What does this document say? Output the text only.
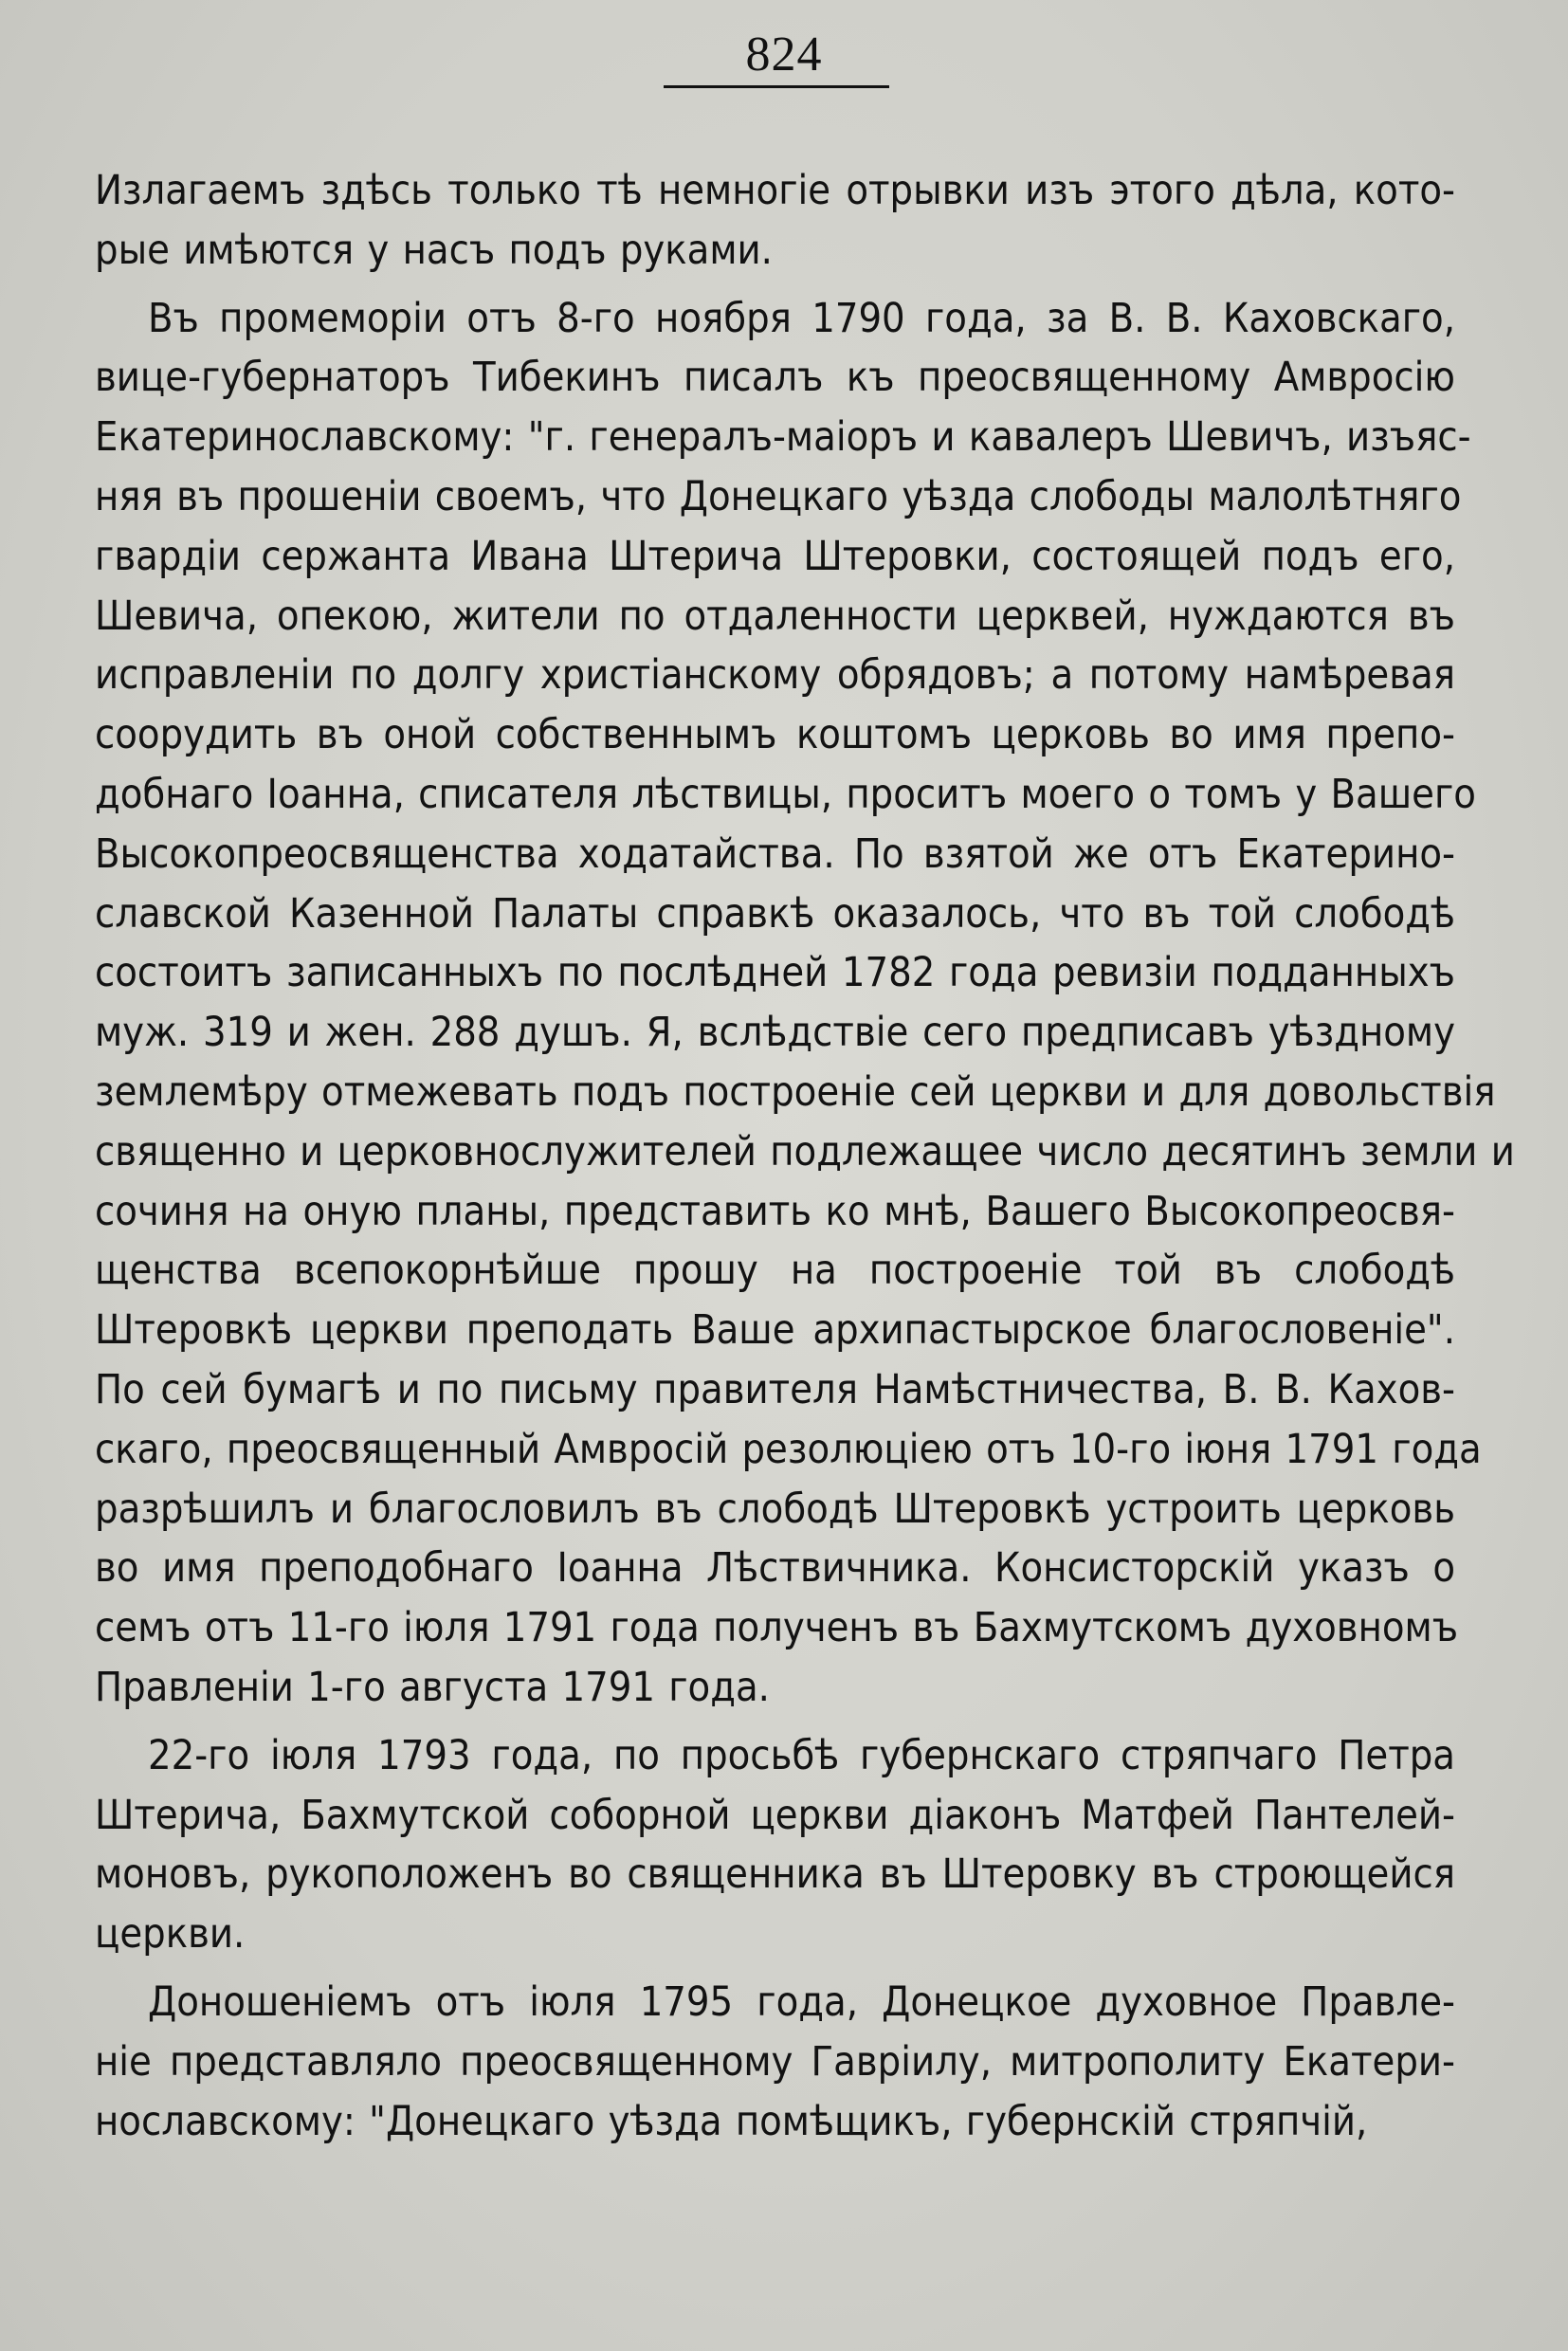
824
Излагаемъ здѣсь только тѣ немногіе отрывки изъ этого дѣла, кото-
рые имѣются у насъ подъ руками.
Въ промеморіи отъ 8-го ноября 1790 года, за В. В. Каховскаго,
вице-губернаторъ Тибекинъ писалъ къ преосвященному Амвросію
Екатеринославскому: "г. генералъ-маіоръ и кавалеръ Шевичъ, изъяс-
няя въ прошеніи своемъ, что Донецкаго уѣзда слободы малолѣтняго
гвардіи сержанта Ивана Штерича Штеровки, состоящей подъ его,
Шевича, опекою, жители по отдаленности церквей, нуждаются въ
исправленіи по долгу христіанскому обрядовъ; а потому намѣревая
соорудить въ оной собственнымъ коштомъ церковь во имя препо-
добнаго Іоанна, списателя лѣствицы, проситъ моего о томъ у Вашего
Высокопреосвященства ходатайства. По взятой же отъ Екатерино-
славской Казенной Палаты справкѣ оказалось, что въ той слободѣ
состоитъ записанныхъ по послѣдней 1782 года ревизіи подданныхъ
муж. 319 и жен. 288 душъ. Я, вслѣдствіе сего предписавъ уѣздному
землемѣру отмежевать подъ построеніе сей церкви и для довольствія
священно и церковнослужителей подлежащее число десятинъ земли и
сочиня на оную планы, представить ко мнѣ, Вашего Высокопреосвя-
щенства всепокорнѣйше прошу на построеніе той въ слободѣ
Штеровкѣ церкви преподать Ваше архипастырское благословеніе".
По сей бумагѣ и по письму правителя Намѣстничества, В. В. Каxов-
скаго, преосвященный Амвросій резолюціею отъ 10-го іюня 1791 года
разрѣшилъ и благословилъ въ слободѣ Штеровкѣ устроить церковь
во имя преподобнаго Іоанна Лѣствичника. Консисторскій указъ о
семъ отъ 11-го іюля 1791 года полученъ въ Бахмутскомъ духовномъ
Правленіи 1-го августа 1791 года.
22-го іюля 1793 года, по просьбѣ губернскаго стряпчаго Петра
Штерича, Бахмутской соборной церкви діаконъ Матфей Пантелей-
моновъ, рукоположенъ во священника въ Штеровку въ строющейся
церкви.
Доношеніемъ отъ іюля 1795 года, Донецкое духовное Правле-
ніе представляло преосвященному Гавріилу, митрополиту Екатери-
нославскому: "Донецкаго уѣзда помѣщикъ, губернскій стряпчій,
